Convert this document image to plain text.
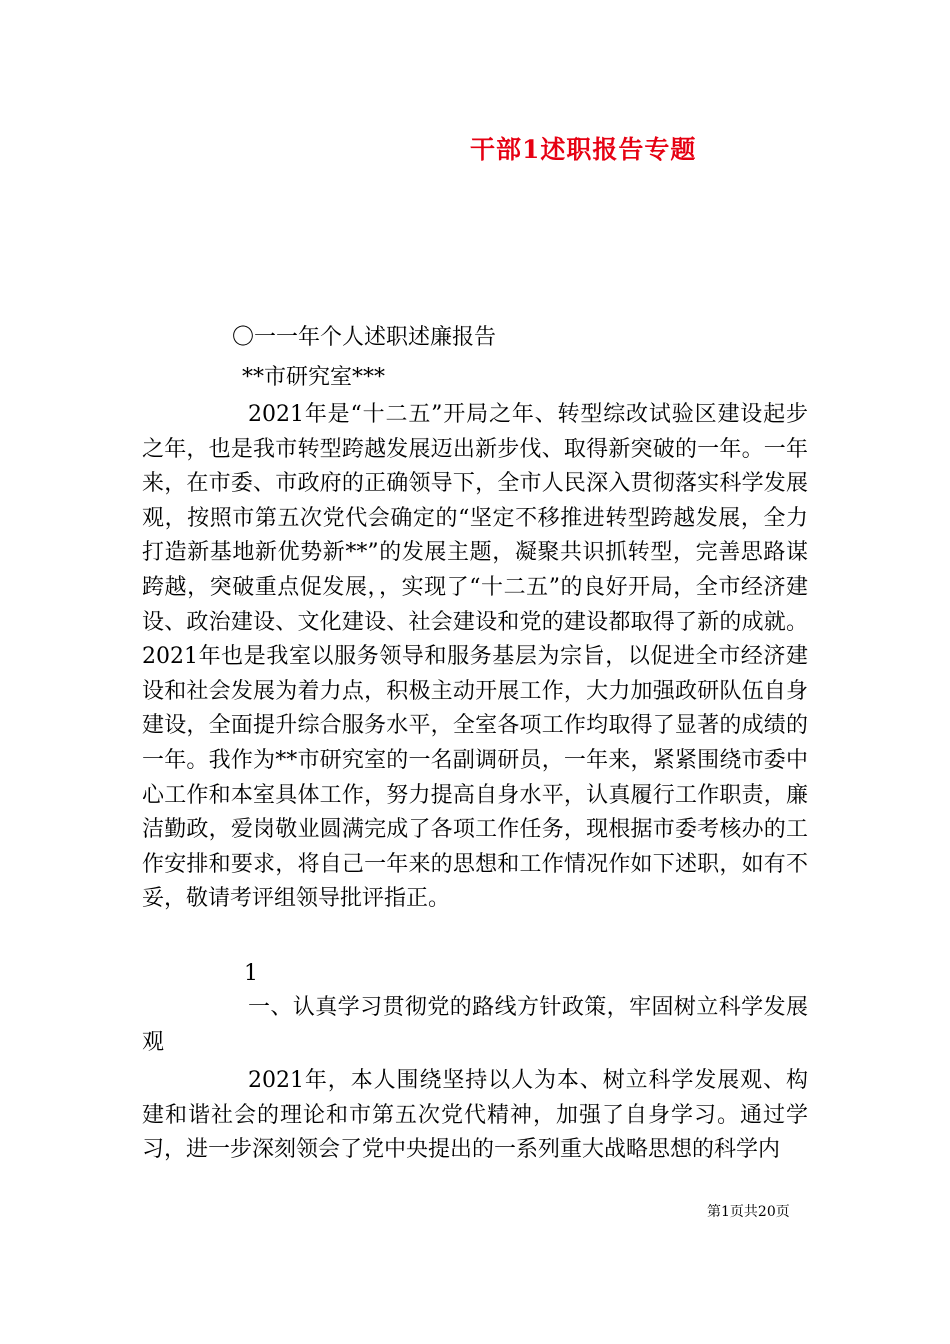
干部1述职报告专题
〇一一年个人述职述廉报告
**市研究室***

2021年是“十二五”开局之年、转型综改试验区建设起步之年，也是我市转型跨越发展迈出新步伐、取得新突破的一年。一年来，在市委、市政府的正确领导下，全市人民深入贯彻落实科学发展观，按照市第五次党代会确定的“坚定不移推进转型跨越发展，全力打造新基地新优势新**”的发展主题，凝聚共识抓转型，完善思路谋跨越，突破重点促发展，，实现了“十二五”的良好开局，全市经济建设、政治建设、文化建设、社会建设和党的建设都取得了新的成就。2021年也是我室以服务领导和服务基层为宗旨，以促进全市经济建设和社会发展为着力点，积极主动开展工作，大力加强政研队伍自身建设，全面提升综合服务水平，全室各项工作均取得了显著的成绩的一年。我作为**市研究室的一名副调研员，一年来，紧紧围绕市委中心工作和本室具体工作，努力提高自身水平，认真履行工作职责，廉洁勤政，爱岗敬业圆满完成了各项工作任务，现根据市委考核办的工作安排和要求，将自己一年来的思想和工作情况作如下述职，如有不妥，敬请考评组领导批评指正。

1

一、认真学习贯彻党的路线方针政策，牢固树立科学发展观

2021年，本人围绕坚持以人为本、树立科学发展观、构建和谐社会的理论和市第五次党代精神，加强了自身学习。通过学习，进一步深刻领会了党中央提出的一系列重大战略思想的科学内

第1页共20页
